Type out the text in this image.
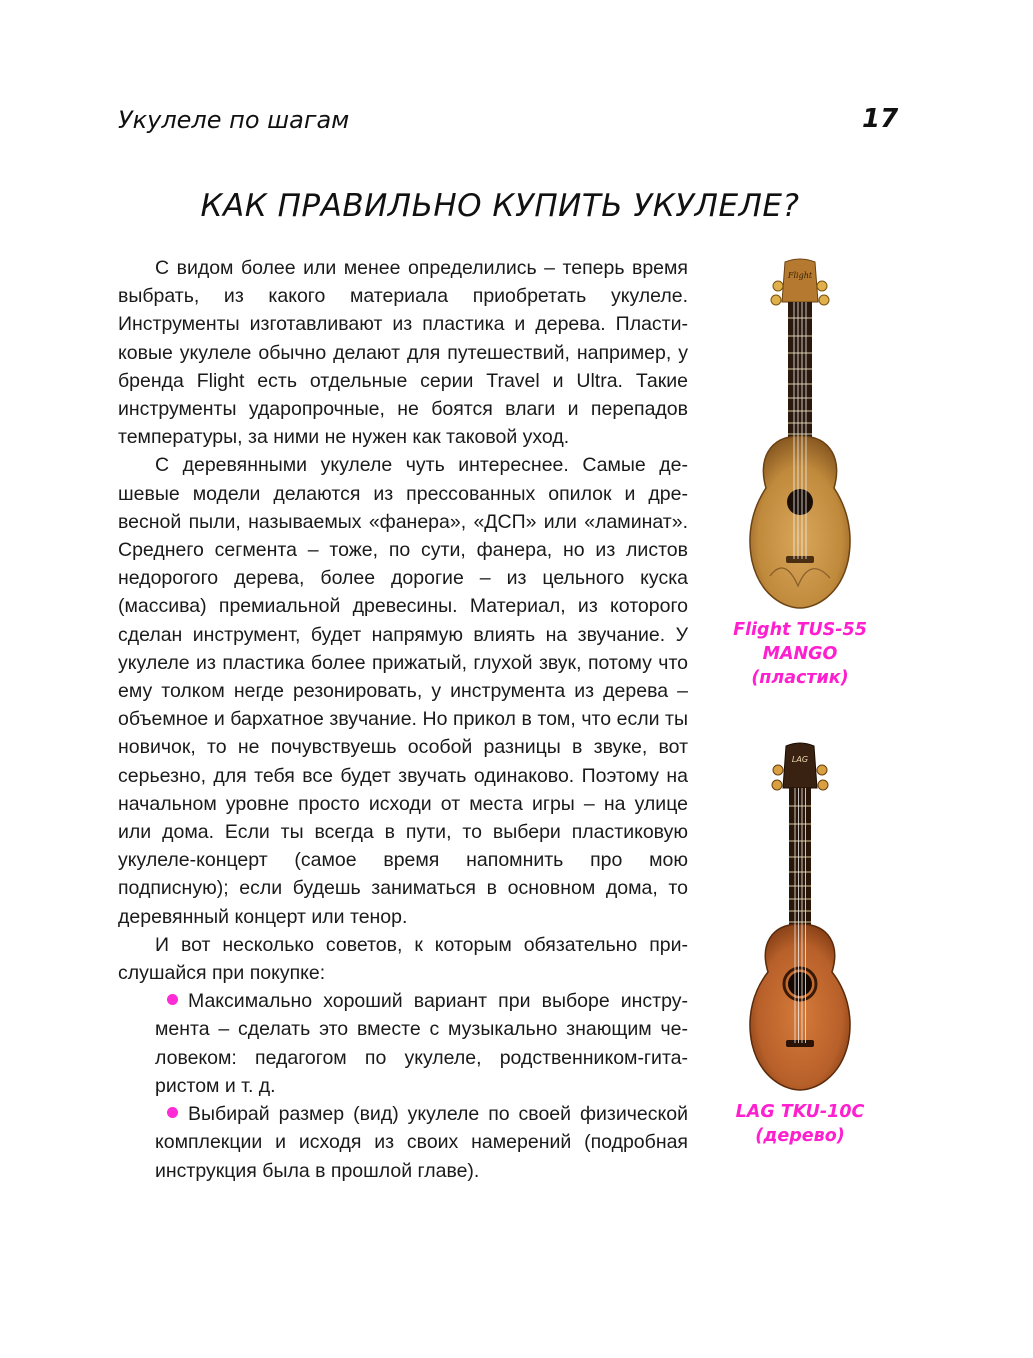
Укулеле по шагам	17
КАК ПРАВИЛЬНО КУПИТЬ УКУЛЕЛЕ?

С видом более или менее определились – теперь время выбрать, из какого материала приобретать укулеле. Инструменты изготавливают из пластика и дерева. Пластиковые укулеле обычно делают для путешествий, например, у бренда Flight есть отдельные серии Travel и Ultra. Такие инструменты ударопрочные, не боятся влаги и перепадов температуры, за ними не нужен как таковой уход.

С деревянными укулеле чуть интереснее. Самые дешевые модели делаются из прессованных опилок и древесной пыли, называемых «фанера», «ДСП» или «ламинат». Среднего сегмента – тоже, по сути, фанера, но из листов недорогого дерева, более дорогие – из цельного куска (массива) премиальной древесины. Материал, из которого сделан инструмент, будет напрямую влиять на звучание. У укулеле из пластика более прижатый, глухой звук, потому что ему толком негде резонировать, у инструмента из дерева – объемное и бархатное звучание. Но прикол в том, что если ты новичок, то не почувствуешь особой разницы в звуке, вот серьезно, для тебя все будет звучать одинаково. Поэтому на начальном уровне просто исходи от места игры – на улице или дома. Если ты всегда в пути, то выбери пластиковую укулеле-концерт (самое время напомнить про мою подписную); если будешь заниматься в основном дома, то деревянный концерт или тенор.

И вот несколько советов, к которым обязательно прислушайся при покупке:

Максимально хороший вариант при выборе инструмента – сделать это вместе с музыкально знающим человеком: педагогом по укулеле, родственником-гитаристом и т. д.
Выбирай размер (вид) укулеле по своей физической комплекции и исходя из своих намерений (подробная инструкция была в прошлой главе).
Flight
Flight TUS-55
MANGO
(пластик)
LAG
LAG TKU-10C
(дерево)
